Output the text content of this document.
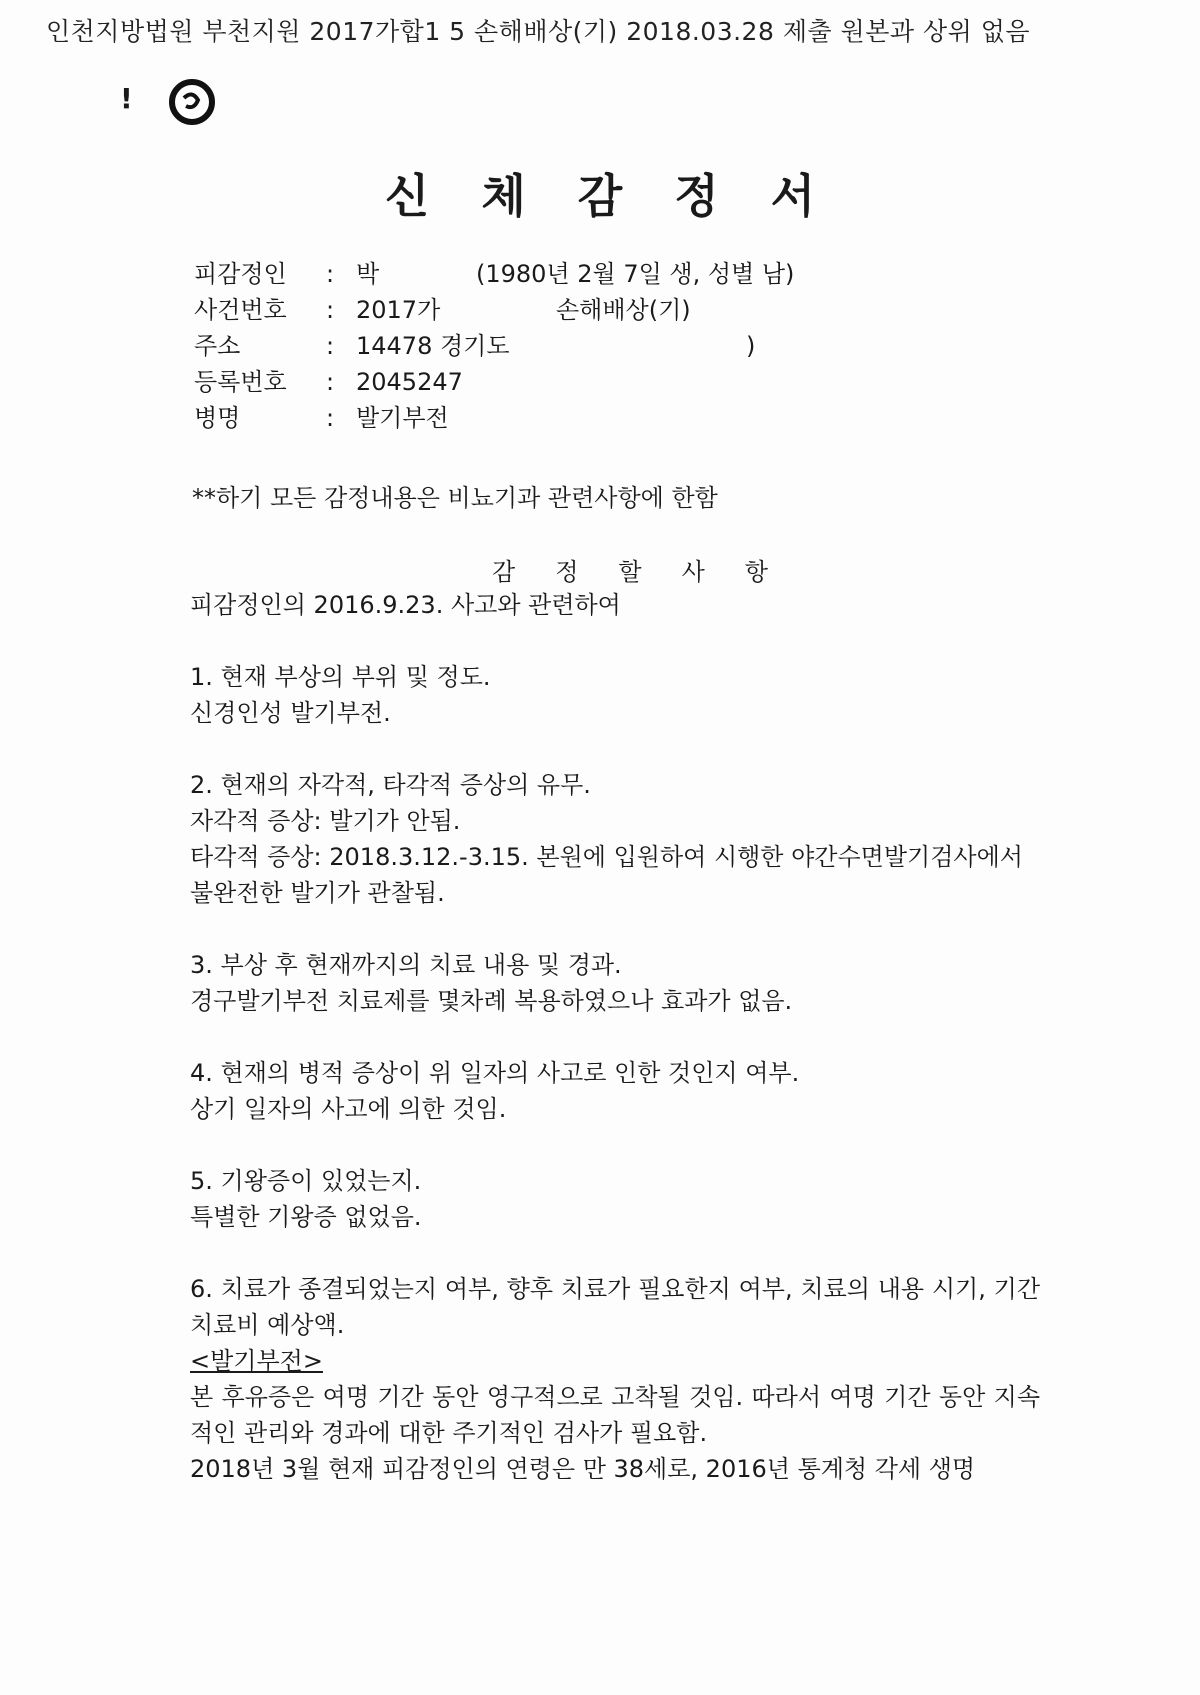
인천지방법원 부천지원 2017가합1 5 손해배상(기) 2018.03.28 제출 원본과 상위 없음
!
신체감정서
피감정인	: 박	(1980년 2월 7일 생, 성별 남)
사건번호	: 2017가	손해배상(기)
주소	: 14478 경기도	)
등록번호	: 2045247
병명	: 발기부전
**하기 모든 감정내용은 비뇨기과 관련사항에 한함
감정할사항

피감정인의 2016.9.23. 사고와 관련하여

1. 현재 부상의 부위 및 정도.

신경인성 발기부전.

2. 현재의 자각적, 타각적 증상의 유무.

자각적 증상: 발기가 안됨.

타각적 증상: 2018.3.12.-3.15. 본원에 입원하여 시행한 야간수면발기검사에서 불완전한 발기가 관찰됨.

3. 부상 후 현재까지의 치료 내용 및 경과.

경구발기부전 치료제를 몇차례 복용하였으나 효과가 없음.

4. 현재의 병적 증상이 위 일자의 사고로 인한 것인지 여부.

상기 일자의 사고에 의한 것임.

5. 기왕증이 있었는지.

특별한 기왕증 없었음.

6. 치료가 종결되었는지 여부, 향후 치료가 필요한지 여부, 치료의 내용 시기, 기간 치료비 예상액.

<발기부전>

본 후유증은 여명 기간 동안 영구적으로 고착될 것임. 따라서 여명 기간 동안 지속적인 관리와 경과에 대한 주기적인 검사가 필요함.

2018년 3월 현재 피감정인의 연령은 만 38세로, 2016년 통계청 각세 생명
